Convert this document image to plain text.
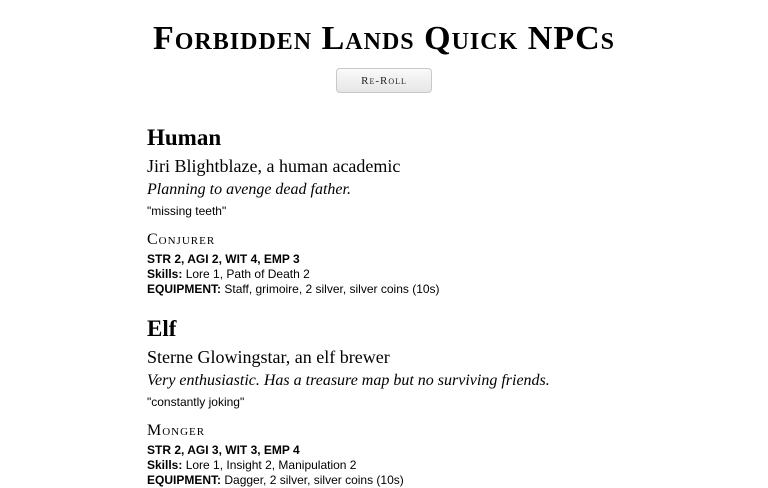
Forbidden Lands Quick NPCs
Re-Roll
Human
Jiri Blightblaze, a human academic
Planning to avenge dead father.
"missing teeth"
Conjurer
STR 2, AGI 2, WIT 4, EMP 3
Skills: Lore 1, Path of Death 2
EQUIPMENT: Staff, grimoire, 2 silver, silver coins (10s)
Elf
Sterne Glowingstar, an elf brewer
Very enthusiastic. Has a treasure map but no surviving friends.
"constantly joking"
Monger
STR 2, AGI 3, WIT 3, EMP 4
Skills: Lore 1, Insight 2, Manipulation 2
EQUIPMENT: Dagger, 2 silver, silver coins (10s)
